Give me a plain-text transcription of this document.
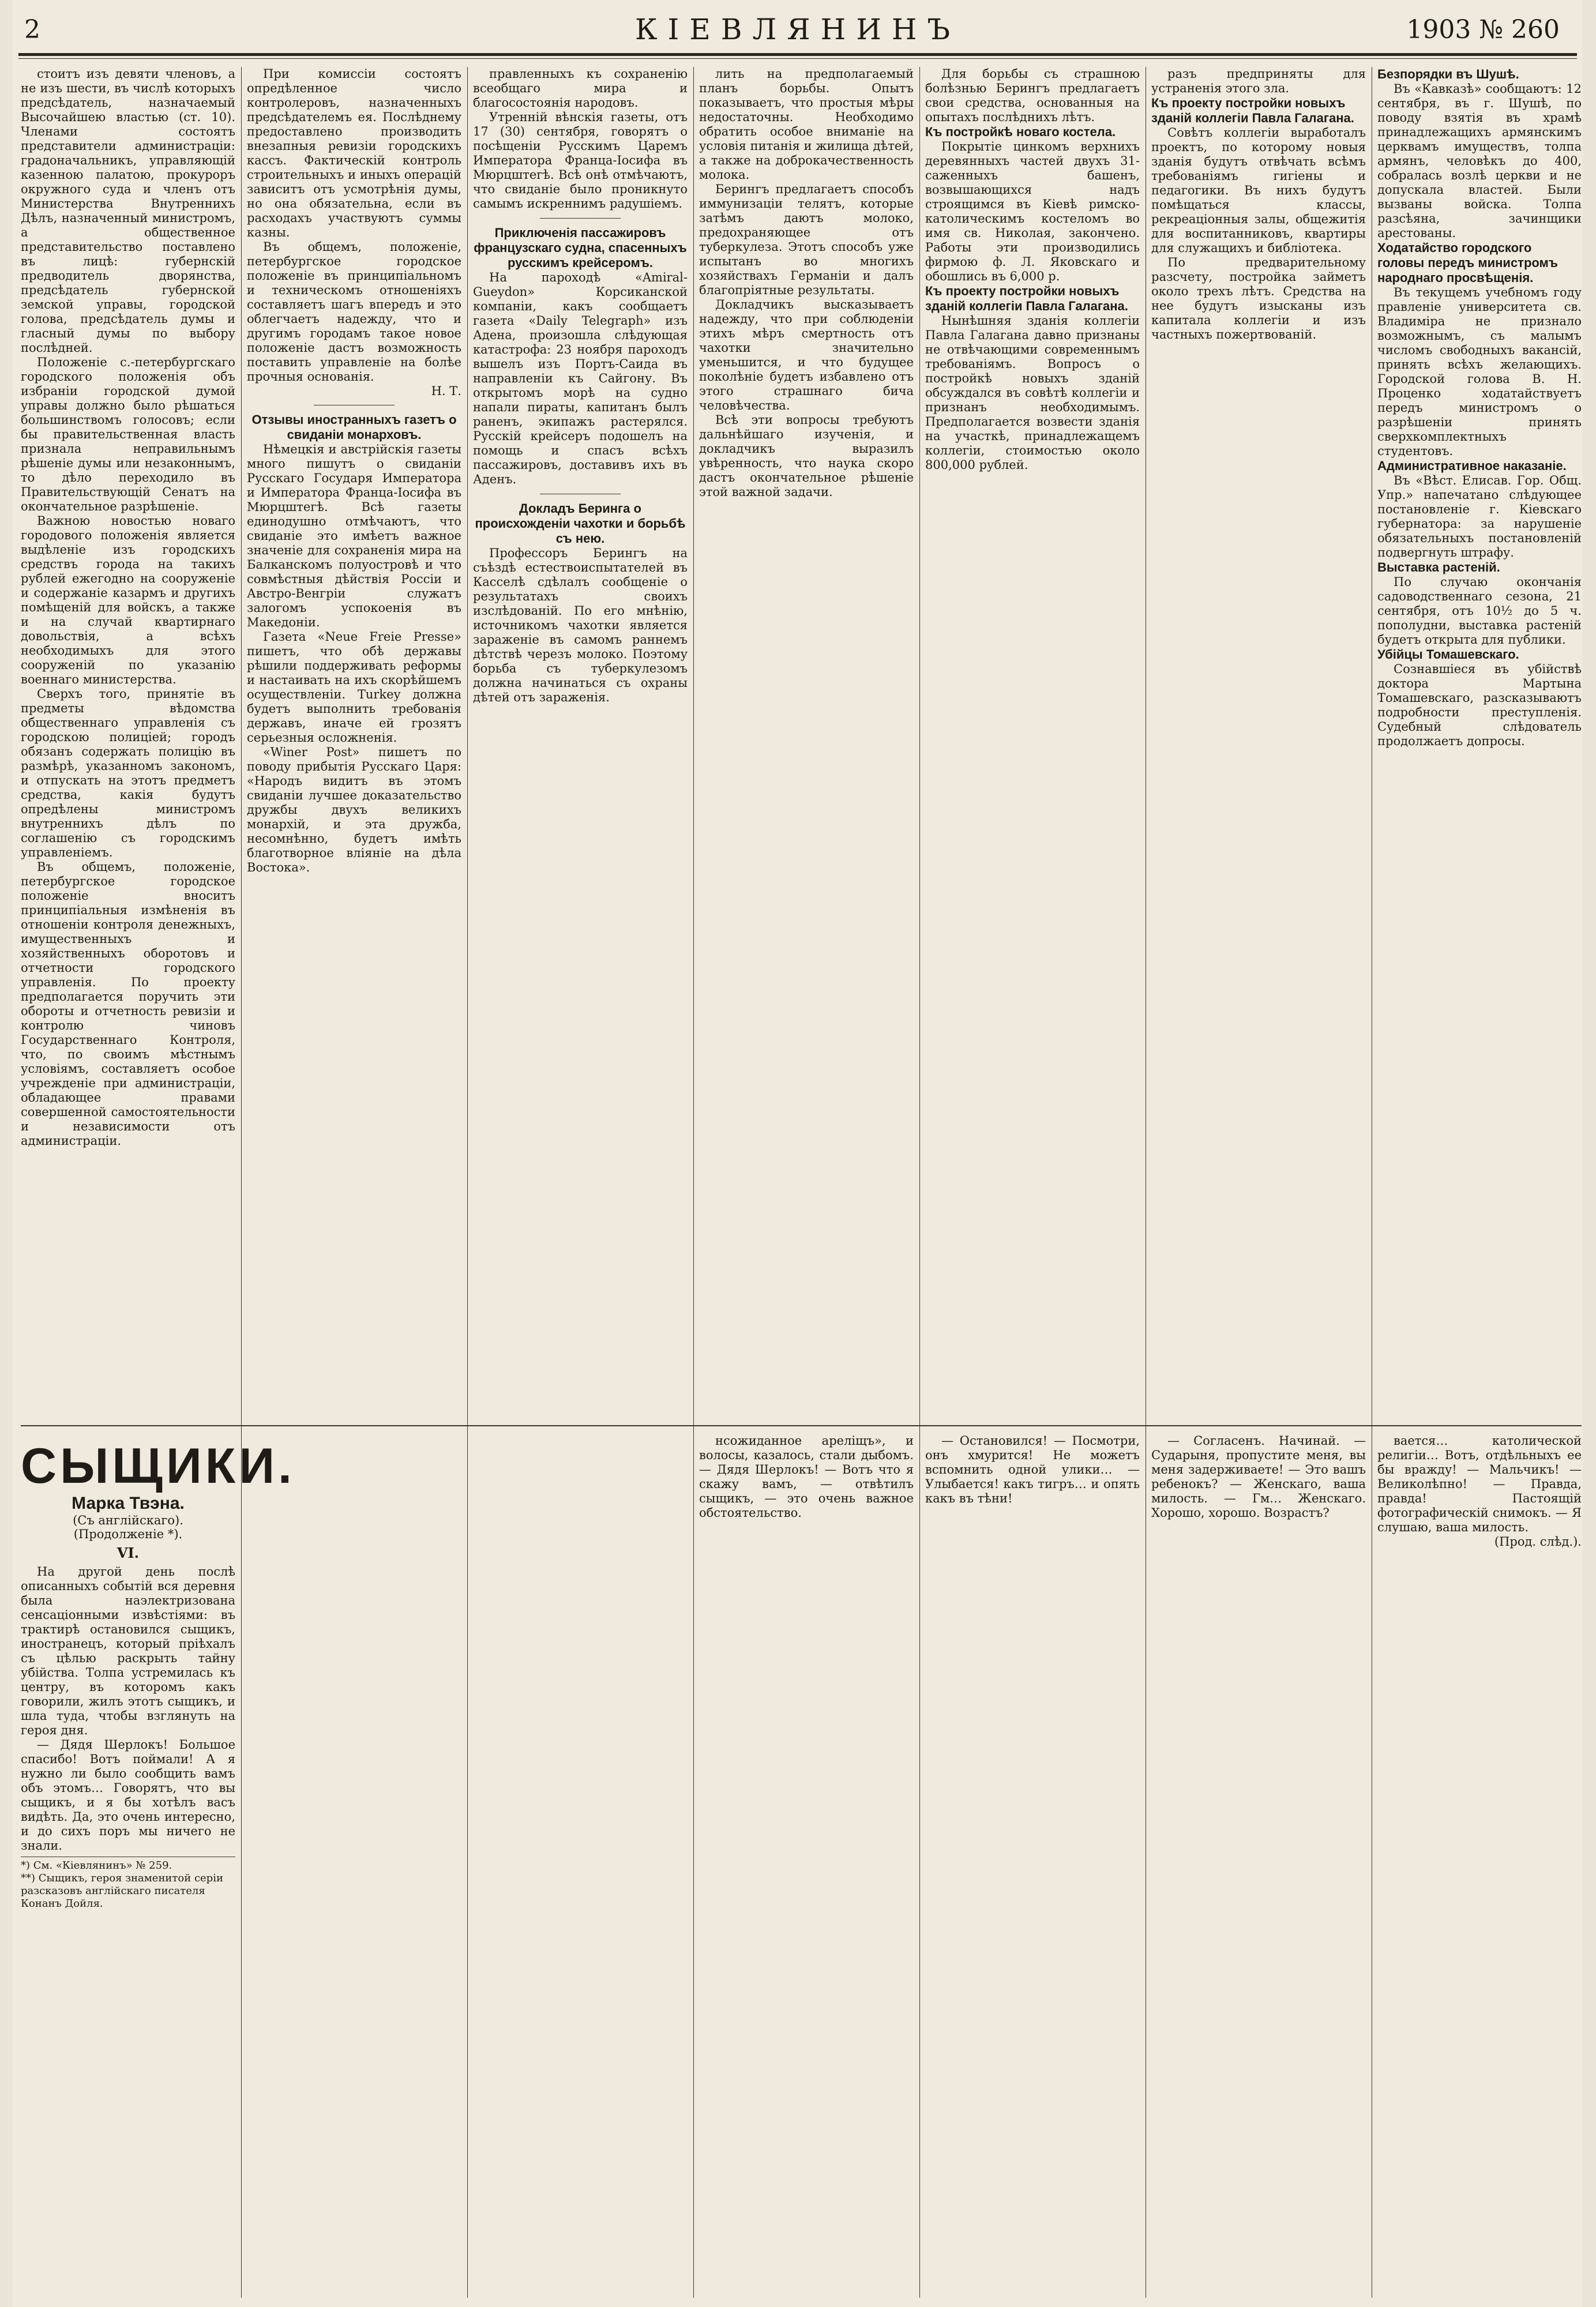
2	КІЕВЛЯНИНЪ	1903 № 260

стоитъ изъ девяти членовъ, а не изъ шести, въ числѣ которыхъ предсѣдатель, назначаемый Высочайшею властью (ст. 10). Членами состоятъ представители администраціи: градоначальникъ, управляющій казенною палатою, прокуроръ окружного суда и членъ отъ Министерства Внутреннихъ Дѣлъ, назначенный министромъ, а общественное представительство поставлено въ лицѣ: губернскій предводитель дворянства, предсѣдатель губернской земской управы, городской голова, предсѣдатель думы и гласный думы по выбору послѣдней.

Положеніе с.-петербургскаго городского положенія объ избраніи городской думой управы должно было рѣшаться большинствомъ голосовъ; если бы правительственная власть признала неправильнымъ рѣшеніе думы или незаконнымъ, то дѣло переходило въ Правительствующій Сенатъ на окончательное разрѣшеніе.

Важною новостью новаго городового положенія является выдѣленіе изъ городскихъ средствъ города на такихъ рублей ежегодно на сооруженіе и содержаніе казармъ и другихъ помѣщеній для войскъ, а также и на случай квартирнаго довольствія, а всѣхъ необходимыхъ для этого сооруженій по указанію военнаго министерства.

Сверхъ того, принятіе въ предметы вѣдомства общественнаго управленія съ городскою полиціей; городъ обязанъ содержать полицію въ размѣрѣ, указанномъ закономъ, и отпускать на этотъ предметъ средства, какія будутъ опредѣлены министромъ внутреннихъ дѣлъ по соглашенію съ городскимъ управленіемъ.

Въ общемъ, положеніе, петербургское городское положеніе вноситъ принципіальныя измѣненія въ отношеніи контроля денежныхъ, имущественныхъ и хозяйственныхъ оборотовъ и отчетности городского управленія. По проекту предполагается поручить эти обороты и отчетность ревизіи и контролю чиновъ Государственнаго Контроля, что, по своимъ мѣстнымъ условіямъ, составляетъ особое учрежденіе при администраціи, обладающее правами совершенной самостоятельности и независимости отъ администраціи.

При комиссіи состоятъ опредѣленное число контролеровъ, назначенныхъ предсѣдателемъ ея. Послѣднему предоставлено производить внезапныя ревизіи городскихъ кассъ. Фактическій контроль строительныхъ и иныхъ операцій зависитъ отъ усмотрѣнія думы, но она обязательна, если въ расходахъ участвуютъ суммы казны.

Въ общемъ, положеніе, петербургское городское положеніе въ принципіальномъ и техническомъ отношеніяхъ составляетъ шагъ впередъ и это облегчаетъ надежду, что и другимъ городамъ такое новое положеніе дастъ возможность поставить управленіе на болѣе прочныя основанія.

Н. Т.

Отзывы иностранныхъ газетъ о свиданіи монарховъ.

Нѣмецкія и австрійскія газеты много пишутъ о свиданіи Русскаго Государя Императора и Императора Франца-Іосифа въ Мюрцштегѣ. Всѣ газеты единодушно отмѣчаютъ, что свиданіе это имѣетъ важное значеніе для сохраненія мира на Балканскомъ полуостровѣ и что совмѣстныя дѣйствія Россіи и Австро-Венгріи служатъ залогомъ успокоенія въ Македоніи.

Газета «Neue Freie Presse» пишетъ, что обѣ державы рѣшили поддерживать реформы и настаивать на ихъ скорѣйшемъ осуществленіи. Turkey должна будетъ выполнить требованія державъ, иначе ей грозятъ серьезныя осложненія.

«Winer Post» пишетъ по поводу прибытія Русскаго Царя: «Народъ видитъ въ этомъ свиданіи лучшее доказательство дружбы двухъ великихъ монархій, и эта дружба, несомнѣнно, будетъ имѣть благотворное вліяніе на дѣла Востока».

правленныхъ къ сохраненію всеобщаго мира и благосостоянія народовъ.

Утренній вѣнскія газеты, отъ 17 (30) сентября, говорятъ о посѣщеніи Русскимъ Царемъ Императора Франца-Іосифа въ Мюрцштегѣ. Всѣ онѣ отмѣчаютъ, что свиданіе было проникнуто самымъ искреннимъ радушіемъ.

Приключенія пассажировъ французскаго судна, спасенныхъ русскимъ крейсеромъ.

На пароходѣ «Amiral-Gueydon» Корсиканской компаніи, какъ сообщаетъ газета «Daily Telegraph» изъ Адена, произошла слѣдующая катастрофа: 23 ноября пароходъ вышелъ изъ Портъ-Саида въ направленіи къ Сайгону. Въ открытомъ морѣ на судно напали пираты, капитанъ былъ раненъ, экипажъ растерялся. Русскій крейсеръ подошелъ на помощь и спасъ всѣхъ пассажировъ, доставивъ ихъ въ Аденъ.

Докладъ Беринга о происхожденіи чахотки и борьбѣ съ нею.

Профессоръ Берингъ на съѣздѣ естествоиспытателей въ Касселѣ сдѣлалъ сообщеніе о результатахъ своихъ изслѣдованій. По его мнѣнію, источникомъ чахотки является зараженіе въ самомъ раннемъ дѣтствѣ черезъ молоко. Поэтому борьба съ туберкулезомъ должна начинаться съ охраны дѣтей отъ зараженія.

лить на предполагаемый планъ борьбы. Опытъ показываетъ, что простыя мѣры недостаточны. Необходимо обратить особое вниманіе на условія питанія и жилища дѣтей, а также на доброкачественность молока.

Берингъ предлагаетъ способъ иммунизаціи телятъ, которые затѣмъ даютъ молоко, предохраняющее отъ туберкулеза. Этотъ способъ уже испытанъ во многихъ хозяйствахъ Германіи и далъ благопріятные результаты.

Докладчикъ высказываетъ надежду, что при соблюденіи этихъ мѣръ смертность отъ чахотки значительно уменьшится, и что будущее поколѣніе будетъ избавлено отъ этого страшнаго бича человѣчества.

Всѣ эти вопросы требуютъ дальнѣйшаго изученія, и докладчикъ выразилъ увѣренность, что наука скоро дастъ окончательное рѣшеніе этой важной задачи.

Для борьбы съ страшною болѣзнью Берингъ предлагаетъ свои средства, основанныя на опытахъ послѣднихъ лѣтъ.

Къ постройкѣ новаго костела.

Покрытіе цинкомъ верхнихъ деревянныхъ частей двухъ 31-саженныхъ башенъ, возвышающихся надъ строящимся въ Кіевѣ римско-католическимъ костеломъ во имя св. Николая, закончено. Работы эти производились фирмою ф. Л. Яковскаго и обошлись въ 6,000 р.

Къ проекту постройки новыхъ зданій коллегіи Павла Галагана.

Нынѣшняя зданія коллегіи Павла Галагана давно признаны не отвѣчающими современнымъ требованіямъ. Вопросъ о постройкѣ новыхъ зданій обсуждался въ совѣтѣ коллегіи и признанъ необходимымъ. Предполагается возвести зданія на участкѣ, принадлежащемъ коллегіи, стоимостью около 800,000 рублей.

разъ предприняты для устраненія этого зла.

Къ проекту постройки новыхъ зданій коллегіи Павла Галагана.

Совѣтъ коллегіи выработалъ проектъ, по которому новыя зданія будутъ отвѣчать всѣмъ требованіямъ гигіены и педагогики. Въ нихъ будутъ помѣщаться классы, рекреаціонныя залы, общежитія для воспитанниковъ, квартиры для служащихъ и библіотека.

По предварительному разсчету, постройка займетъ около трехъ лѣтъ. Средства на нее будутъ изысканы изъ капитала коллегіи и изъ частныхъ пожертвованій.

Безпорядки въ Шушѣ.

Въ «Кавказѣ» сообщаютъ: 12 сентября, въ г. Шушѣ, по поводу взятія въ храмѣ принадлежащихъ армянскимъ церквамъ имуществъ, толпа армянъ, человѣкъ до 400, собралась возлѣ церкви и не допускала властей. Были вызваны войска. Толпа разсѣяна, зачинщики арестованы.

Ходатайство городского головы передъ министромъ народнаго просвѣщенія.

Въ текущемъ учебномъ году правленіе университета св. Владиміра не признало возможнымъ, съ малымъ числомъ свободныхъ вакансій, принять всѣхъ желающихъ. Городской голова В. Н. Проценко ходатайствуетъ передъ министромъ о разрѣшеніи принять сверхкомплектныхъ студентовъ.

Административное наказаніе.

Въ «Вѣст. Елисав. Гор. Общ. Упр.» напечатано слѣдующее постановленіе г. Кіевскаго губернатора: за нарушеніе обязательныхъ постановленій подвергнуть штрафу.

Выставка растеній.

По случаю окончанія садоводственнаго сезона, 21 сентября, отъ 10½ до 5 ч. пополудни, выставка растеній будетъ открыта для публики.

Убійцы Томашевскаго.

Сознавшіеся въ убійствѣ доктора Мартына Томашевскаго, разсказываютъ подробности преступленія. Судебный слѣдователь продолжаетъ допросы.

СЫЩИКИ.
Марка Твэна.
(Съ англійскаго).
(Продолженіе *).
VI.

На другой день послѣ описанныхъ событій вся деревня была наэлектризована сенсаціонными извѣстіями: въ трактирѣ остановился сыщикъ, иностранецъ, который пріѣхалъ съ цѣлью раскрыть тайну убійства. Толпа устремилась къ центру, въ которомъ какъ говорили, жилъ этотъ сыщикъ, и шла туда, чтобы взглянуть на героя дня.

— Дядя Шерлокъ! Большое спасибо! Вотъ поймали! А я нужно ли было сообщить вамъ объ этомъ… Говорятъ, что вы сыщикъ, и я бы хотѣлъ васъ видѣть. Да, это очень интересно, и до сихъ поръ мы ничего не знали.

*) См. «Кіевлянинъ» № 259.
**) Сыщикъ, героя знаменитой серіи разсказовъ англійскаго писателя Конанъ Дойля.

нсожиданное ареліщъ», и волосы, казалось, стали дыбомъ. — Дядя Шерлокъ! — Вотъ что я скажу вамъ, — отвѣтилъ сыщикъ, — это очень важное обстоятельство.

— Остановился! — Посмотри, онъ хмурится! Не можетъ вспомнить одной улики… — Улыбается! какъ тигръ… и опять какъ въ тѣни!

— Согласенъ. Начинай. — Сударыня, пропустите меня, вы меня задерживаете! — Это вашъ ребенокъ? — Женскаго, ваша милость. — Гм… Женскаго. Хорошо, хорошо. Возрастъ?

вается… католической религіи… Вотъ, отдѣльныхъ ее бы вражду! — Мальчикъ! — Великолѣпно! — Правда, правда! Пастоящій фотографическій снимокъ. — Я слушаю, ваша милость.

(Прод. слѣд.).
